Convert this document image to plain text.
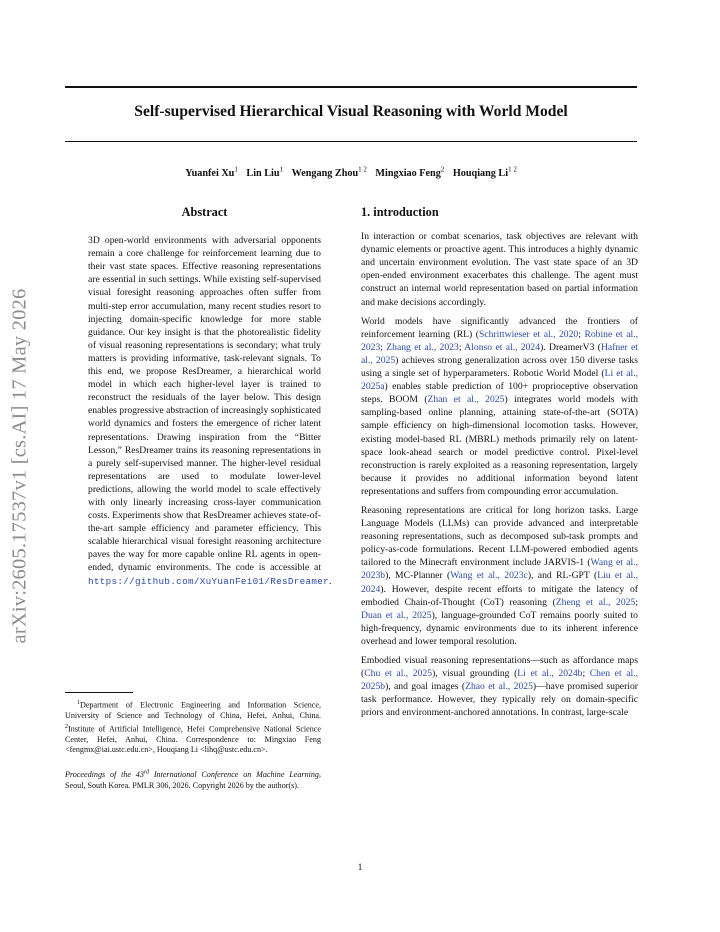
arXiv:2605.17537v1 [cs.AI] 17 May 2026
Self-supervised Hierarchical Visual Reasoning with World Model
Yuanfei Xu$^1$ Lin Liu$^1$ Wengang Zhou$^{1 2}$ Mingxiao Feng$^2$ Houqiang $Li^{1 2}$
Abstract

3D open-world environments with adversarial opponents remain a core challenge for reinforcement learning due to their vast state spaces. Effective reasoning representations are essential in such settings. While existing self-supervised visual foresight reasoning approaches often suffer from multi-step error accumulation, many recent studies resort to injecting domain-specific knowledge for more stable guidance. Our key insight is that the photorealistic fidelity of visual reasoning representations is secondary; what truly matters is providing informative, task-relevant signals. To this end, we propose ResDreamer, a hierarchical world model in which each higher-level layer is trained to reconstruct the residuals of the layer below. This design enables progressive abstraction of increasingly sophisticated world dynamics and fosters the emergence of richer latent representations. Drawing inspiration from the “Bitter Lesson,” ResDreamer trains its reasoning representations in a purely self-supervised manner. The higher-level residual representations are used to modulate lower-level predictions, allowing the world model to scale effectively with only linearly increasing cross-layer communication costs. Experiments show that ResDreamer achieves state-of-the-art sample efficiency and parameter efficiency. This scalable hierarchical visual foresight reasoning architecture paves the way for more capable online RL agents in open-ended, dynamic environments. The code is accessible at https://github.com/XuYuanFei01/ResDreamer.

$^1$Department of Electronic Engineering and Information Science, University of Science and Technology of China, Hefei, Anhui, China. $^2$Institute of Artificial Intelligence, Hefei Comprehensive National Science Center, Hefei, Anhui, China. Correspondence to: Mingxiao Feng <fengmx@iai.ustc.edu.cn>, Houqiang Li <lihq@ustc.edu.cn>.

Proceedings of the 43rd International Conference on Machine Learning, Seoul, South Korea. PMLR 306, 2026. Copyright 2026 by the author(s).

1. introduction

In interaction or combat scenarios, task objectives are relevant with dynamic elements or proactive agent. This introduces a highly dynamic and uncertain environment evolution. The vast state space of an 3D open-ended environment exacerbates this challenge. The agent must construct an internal world representation based on partial information and make decisions accordingly.

World models have significantly advanced the frontiers of reinforcement learning (RL) (Schrittwieser et al., 2020; Robine et al., 2023; Zhang et al., 2023; Alonso et al., 2024). DreamerV3 (Hafner et al., 2025) achieves strong generalization across over 150 diverse tasks using a single set of hyperparameters. Robotic World Model (Li et al., 2025a) enables stable prediction of 100+ proprioceptive observation steps. BOOM (Zhan et al., 2025) integrates world models with sampling-based online planning, attaining state-of-the-art (SOTA) sample efficiency on high-dimensional locomotion tasks. However, existing model-based RL (MBRL) methods primarily rely on latent-space look-ahead search or model predictive control. Pixel-level reconstruction is rarely exploited as a reasoning representation, largely because it provides no additional information beyond latent representations and suffers from compounding error accumulation.

Reasoning representations are critical for long horizon tasks. Large Language Models (LLMs) can provide advanced and interpretable reasoning representations, such as decomposed sub-task prompts and policy-as-code formulations. Recent LLM-powered embodied agents tailored to the Minecraft environment include JARVIS-1 (Wang et al., 2023b), MC-Planner (Wang et al., 2023c), and RL-GPT (Liu et al., 2024). However, despite recent efforts to mitigate the latency of embodied Chain-of-Thought (CoT) reasoning (Zheng et al., 2025; Duan et al., 2025), language-grounded CoT remains poorly suited to high-frequency, dynamic environments due to its inherent inference overhead and lower temporal resolution.

Embodied visual reasoning representations—such as affordance maps (Chu et al., 2025), visual grounding (Li et al., 2024b; Chen et al., 2025b), and goal images (Zhao et al., 2025)—have promised superior task performance. However, they typically rely on domain-specific priors and environment-anchored annotations. In contrast, large-scale

1
